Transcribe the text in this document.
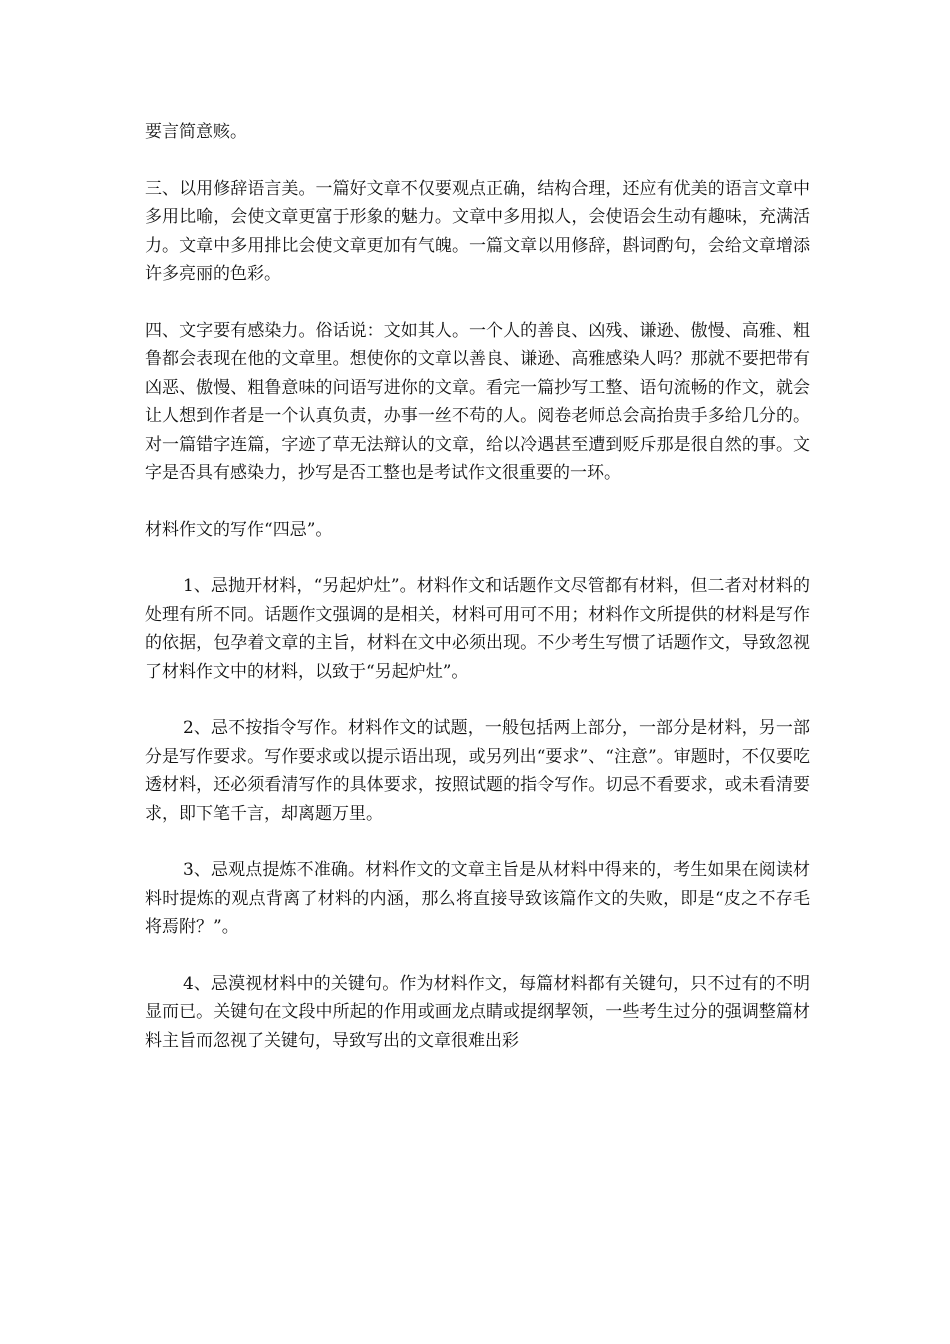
要言简意赅。

三、以用修辞语言美。一篇好文章不仅要观点正确，结构合理，还应有优美的语言文章中多用比喻，会使文章更富于形象的魅力。文章中多用拟人，会使语会生动有趣味，充满活力。文章中多用排比会使文章更加有气魄。一篇文章以用修辞，斟词酌句，会给文章增添许多亮丽的色彩。

四、文字要有感染力。俗话说：文如其人。一个人的善良、凶残、谦逊、傲慢、高雅、粗鲁都会表现在他的文章里。想使你的文章以善良、谦逊、高雅感染人吗？那就不要把带有凶恶、傲慢、粗鲁意味的问语写进你的文章。看完一篇抄写工整、语句流畅的作文，就会让人想到作者是一个认真负责，办事一丝不苟的人。阅卷老师总会高抬贵手多给几分的。对一篇错字连篇，字迹了草无法辩认的文章，给以冷遇甚至遭到贬斥那是很自然的事。文字是否具有感染力，抄写是否工整也是考试作文很重要的一环。

材料作文的写作“四忌”。

1、忌抛开材料，“另起炉灶”。材料作文和话题作文尽管都有材料，但二者对材料的处理有所不同。话题作文强调的是相关，材料可用可不用；材料作文所提供的材料是写作的依据，包孕着文章的主旨，材料在文中必须出现。不少考生写惯了话题作文，导致忽视了材料作文中的材料，以致于“另起炉灶”。

2、忌不按指令写作。材料作文的试题，一般包括两上部分，一部分是材料，另一部分是写作要求。写作要求或以提示语出现，或另列出“要求”、“注意”。审题时，不仅要吃透材料，还必须看清写作的具体要求，按照试题的指令写作。切忌不看要求，或未看清要求，即下笔千言，却离题万里。

3、忌观点提炼不准确。材料作文的文章主旨是从材料中得来的，考生如果在阅读材料时提炼的观点背离了材料的内涵，那么将直接导致该篇作文的失败，即是“皮之不存毛将焉附？”。

4、忌漠视材料中的关键句。作为材料作文，每篇材料都有关键句，只不过有的不明显而已。关键句在文段中所起的作用或画龙点睛或提纲挈领，一些考生过分的强调整篇材料主旨而忽视了关键句，导致写出的文章很难出彩
